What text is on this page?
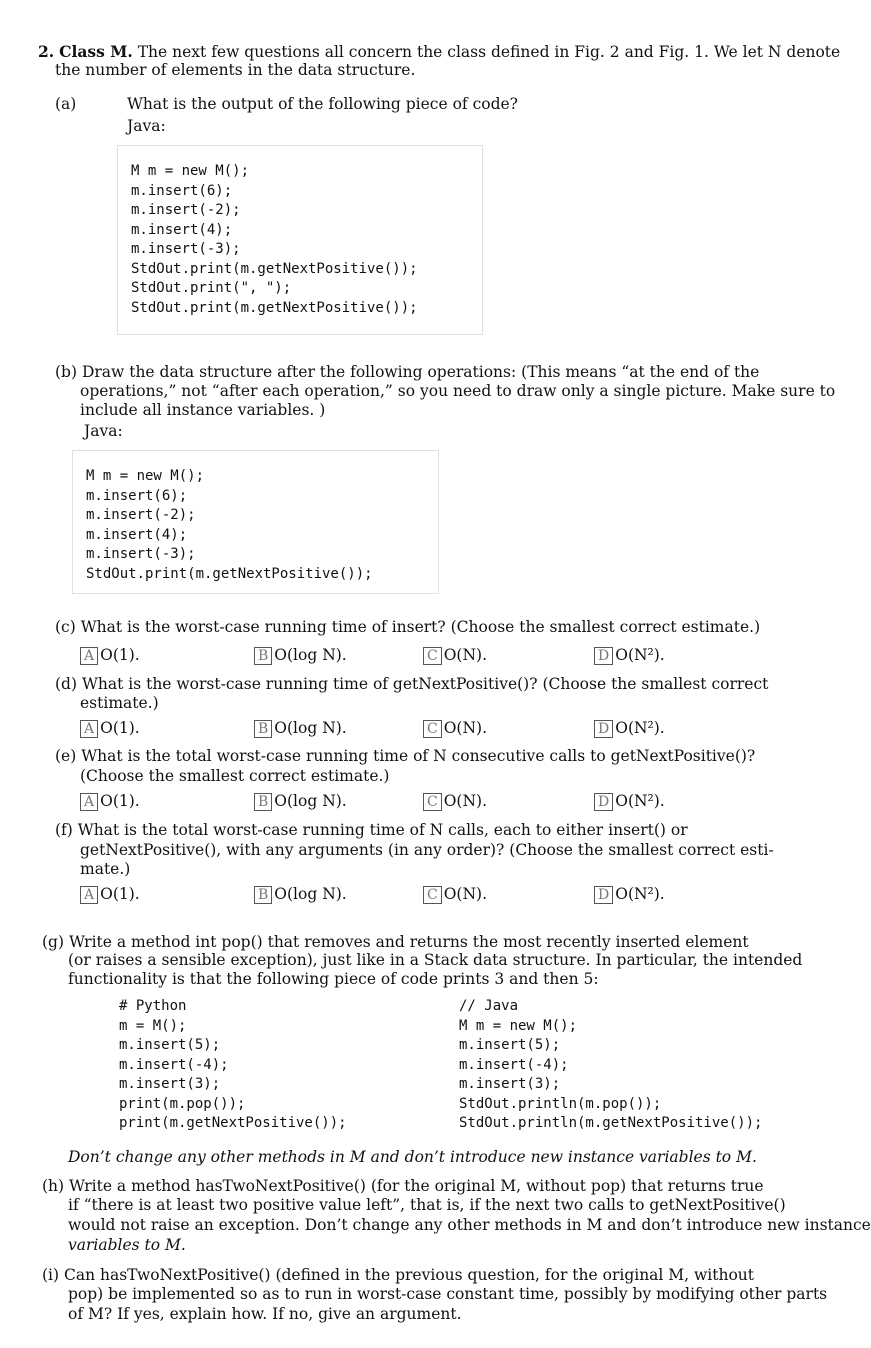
2. Class M. The next few questions all concern the class defined in Fig. 2 and Fig. 1. We let N denote
the number of elements in the data structure.
(a)	What is the output of the following piece of code?
Java:
M m = new M();
m.insert(6);
m.insert(-2);
m.insert(4);
m.insert(-3);
StdOut.print(m.getNextPositive());
StdOut.print(", ");
StdOut.print(m.getNextPositive());
(b) Draw the data structure after the following operations: (This means “at the end of the
operations,” not “after each operation,” so you need to draw only a single picture. Make sure to
include all instance variables. )
Java:
M m = new M();
m.insert(6);
m.insert(-2);
m.insert(4);
m.insert(-3);
StdOut.print(m.getNextPositive());
(c) What is the worst-case running time of insert? (Choose the smallest correct estimate.)
A O(1).	B O(log N).	C O(N).	D O(N²).
(d) What is the worst-case running time of getNextPositive()? (Choose the smallest correct
estimate.)
A O(1).	B O(log N).	C O(N).	D O(N²).
(e) What is the total worst-case running time of N consecutive calls to getNextPositive()?
(Choose the smallest correct estimate.)
A O(1).	B O(log N).	C O(N).	D O(N²).
(f) What is the total worst-case running time of N calls, each to either insert() or
getNextPositive(), with any arguments (in any order)? (Choose the smallest correct esti-
mate.)
A O(1).	B O(log N).	C O(N).	D O(N²).
(g) Write a method int pop() that removes and returns the most recently inserted element
(or raises a sensible exception), just like in a Stack data structure. In particular, the intended
functionality is that the following piece of code prints 3 and then 5:
# Python
m = M();
m.insert(5);
m.insert(-4);
m.insert(3);
print(m.pop());
print(m.getNextPositive());
// Java
M m = new M();
m.insert(5);
m.insert(-4);
m.insert(3);
StdOut.println(m.pop());
StdOut.println(m.getNextPositive());
Don’t change any other methods in M and don’t introduce new instance variables to M.
(h) Write a method hasTwoNextPositive() (for the original M, without pop) that returns true
if “there is at least two positive value left”, that is, if the next two calls to getNextPositive()
would not raise an exception. Don’t change any other methods in M and don’t introduce new instance
variables to M.
(i) Can hasTwoNextPositive() (defined in the previous question, for the original M, without
pop) be implemented so as to run in worst-case constant time, possibly by modifying other parts
of M? If yes, explain how. If no, give an argument.
